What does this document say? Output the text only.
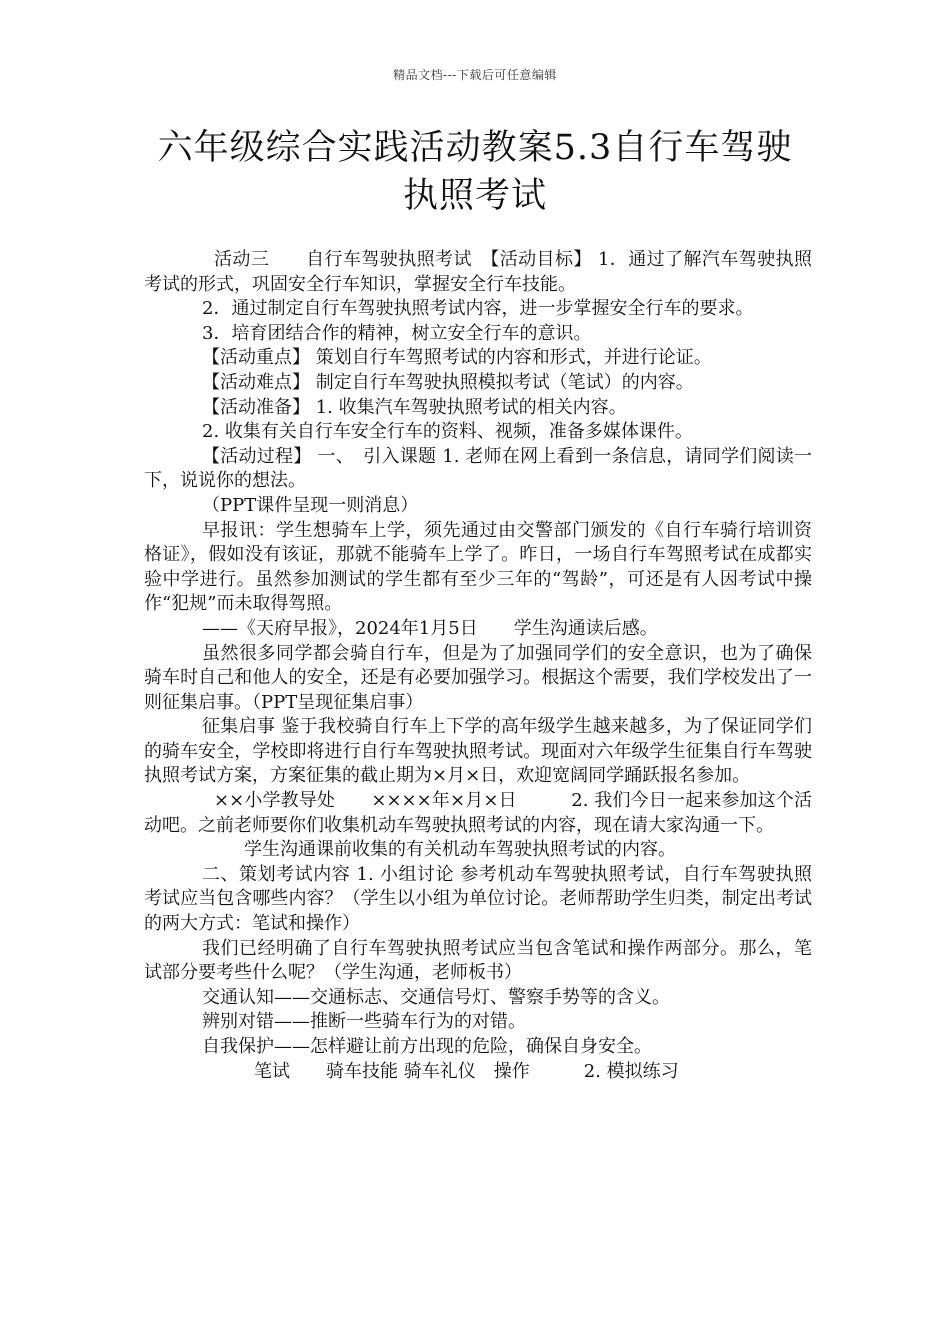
精品文档---下载后可任意编辑
六年级综合实践活动教案5.3自行车驾驶
执照考试

活动三　　自行车驾驶执照考试　【活动目标】 1．通过了解汽车驾驶执照考试的形式，巩固安全行车知识，掌握安全行车技能。

2．通过制定自行车驾驶执照考试内容，进一步掌握安全行车的要求。

3．培育团结合作的精神，树立安全行车的意识。

【活动重点】 策划自行车驾照考试的内容和形式，并进行论证。

【活动难点】 制定自行车驾驶执照模拟考试（笔试）的内容。

【活动准备】 1. 收集汽车驾驶执照考试的相关内容。

2. 收集有关自行车安全行车的资料、视频，准备多媒体课件。

【活动过程】 一、　引入课题 1. 老师在网上看到一条信息，请同学们阅读一下，说说你的想法。

（PPT课件呈现一则消息）

早报讯：学生想骑车上学，须先通过由交警部门颁发的《自行车骑行培训资格证》，假如没有该证，那就不能骑车上学了。昨日，一场自行车驾照考试在成都实验中学进行。虽然参加测试的学生都有至少三年的“驾龄”，可还是有人因考试中操作“犯规”而未取得驾照。

——《天府早报》，2024年1月5日　　学生沟通读后感。

虽然很多同学都会骑自行车，但是为了加强同学们的安全意识，也为了确保骑车时自己和他人的安全，还是有必要加强学习。根据这个需要，我们学校发出了一则征集启事。（PPT呈现征集启事）

征集启事 鉴于我校骑自行车上下学的高年级学生越来越多，为了保证同学们的骑车安全，学校即将进行自行车驾驶执照考试。现面对六年级学生征集自行车驾驶执照考试方案，方案征集的截止期为×月×日，欢迎宽阔同学踊跃报名参加。

××小学教导处　　××××年×月×日　　　2. 我们今日一起来参加这个活动吧。之前老师要你们收集机动车驾驶执照考试的内容，现在请大家沟通一下。

学生沟通课前收集的有关机动车驾驶执照考试的内容。

二、策划考试内容 1. 小组讨论 参考机动车驾驶执照考试，自行车驾驶执照考试应当包含哪些内容？（学生以小组为单位讨论。老师帮助学生归类，制定出考试的两大方式：笔试和操作）

我们已经明确了自行车驾驶执照考试应当包含笔试和操作两部分。那么，笔试部分要考些什么呢？（学生沟通，老师板书）

交通认知——交通标志、交通信号灯、警察手势等的含义。

辨别对错——推断一些骑车行为的对错。

自我保护——怎样避让前方出现的危险，确保自身安全。

笔试　　骑车技能 骑车礼仪　操作　　　2. 模拟练习
